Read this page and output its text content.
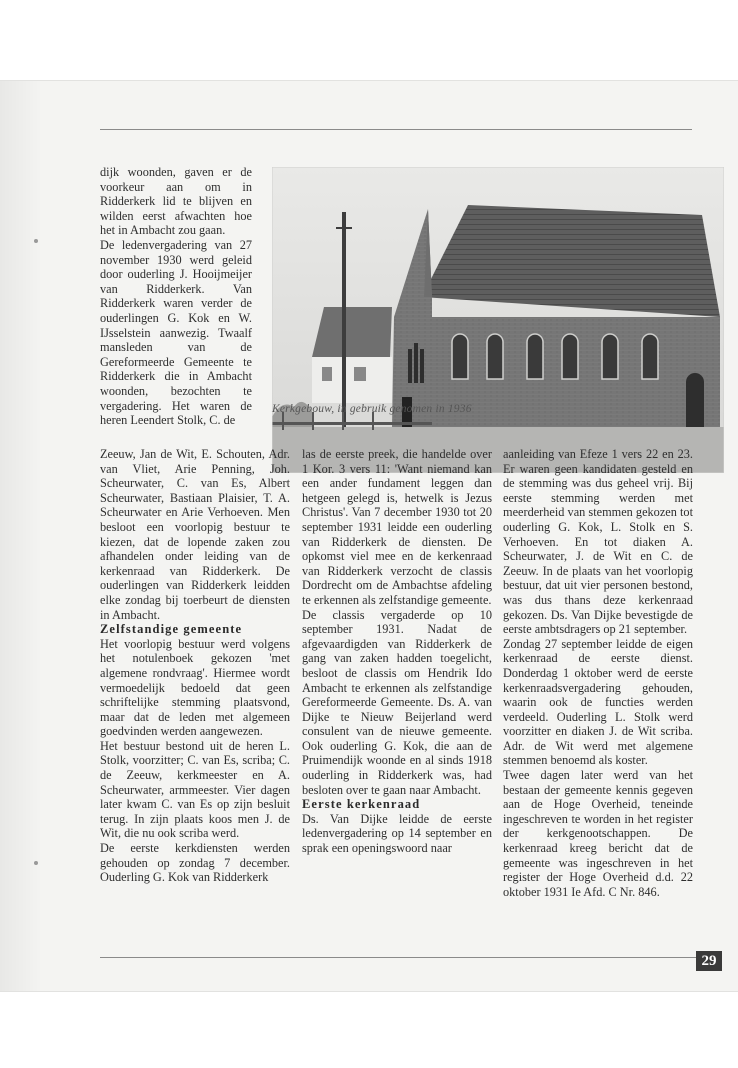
dijk woonden, gaven er de voorkeur aan om in Ridderkerk lid te blijven en wilden eerst afwachten hoe het in Ambacht zou gaan.

De ledenvergadering van 27 november 1930 werd geleid door ouderling J. Hooijmeijer van Ridderkerk. Van Ridderkerk waren verder de ouderlingen G. Kok en W. IJsselstein aanwezig. Twaalf mansleden van de Gereformeerde Gemeente te Ridderkerk die in Ambacht woonden, bezochten te vergadering. Het waren de heren Leendert Stolk, C. de

Kerkgebouw, in gebruik genomen in 1936

Zeeuw, Jan de Wit, E. Schouten, Adr. van Vliet, Arie Penning, Joh. Scheurwater, C. van Es, Albert Scheurwater, Bastiaan Plaisier, T. A. Scheurwater en Arie Verhoeven. Men besloot een voorlopig bestuur te kiezen, dat de lopende zaken zou afhandelen onder leiding van de kerkenraad van Ridderkerk. De ouderlingen van Ridderkerk leidden elke zondag bij toerbeurt de diensten in Ambacht.

Zelfstandige gemeente

Het voorlopig bestuur werd volgens het notulenboek gekozen 'met algemene rondvraag'. Hiermee wordt vermoedelijk bedoeld dat geen schriftelijke stemming plaatsvond, maar dat de leden met algemeen goedvinden werden aangewezen.

Het bestuur bestond uit de heren L. Stolk, voorzitter; C. van Es, scriba; C. de Zeeuw, kerkmeester en A. Scheurwater, armmeester. Vier dagen later kwam C. van Es op zijn besluit terug. In zijn plaats koos men J. de Wit, die nu ook scriba werd.

De eerste kerkdiensten werden gehouden op zondag 7 december. Ouderling G. Kok van Ridderkerk

las de eerste preek, die handelde over 1 Kor. 3 vers 11: 'Want niemand kan een ander fundament leggen dan hetgeen gelegd is, hetwelk is Jezus Christus'. Van 7 december 1930 tot 20 september 1931 leidde een ouderling van Ridderkerk de diensten. De opkomst viel mee en de kerkenraad van Ridderkerk verzocht de classis Dordrecht om de Ambachtse afdeling te erkennen als zelfstandige gemeente.

De classis vergaderde op 10 september 1931. Nadat de afgevaardigden van Ridderkerk de gang van zaken hadden toegelicht, besloot de classis om Hendrik Ido Ambacht te erkennen als zelfstandige Gereformeerde Gemeente. Ds. A. van Dijke te Nieuw Beijerland werd consulent van de nieuwe gemeente. Ook ouderling G. Kok, die aan de Pruimendijk woonde en al sinds 1918 ouderling in Ridderkerk was, had besloten over te gaan naar Ambacht.

Eerste kerkenraad

Ds. Van Dijke leidde de eerste ledenvergadering op 14 september en sprak een openingswoord naar

aanleiding van Efeze 1 vers 22 en 23. Er waren geen kandidaten gesteld en de stemming was dus geheel vrij. Bij eerste stemming werden met meerderheid van stemmen gekozen tot ouderling G. Kok, L. Stolk en S. Verhoeven. En tot diaken A. Scheurwater, J. de Wit en C. de Zeeuw. In de plaats van het voorlopig bestuur, dat uit vier personen bestond, was dus thans deze kerkenraad gekozen. Ds. Van Dijke bevestigde de eerste ambtsdragers op 21 september.

Zondag 27 september leidde de eigen kerkenraad de eerste dienst. Donderdag 1 oktober werd de eerste kerkenraadsvergadering gehouden, waarin ook de functies werden verdeeld. Ouderling L. Stolk werd voorzitter en diaken J. de Wit scriba. Adr. de Wit werd met algemene stemmen benoemd als koster.

Twee dagen later werd van het bestaan der gemeente kennis gegeven aan de Hoge Overheid, teneinde ingeschreven te worden in het register der kerkgenootschappen. De kerkenraad kreeg bericht dat de gemeente was ingeschreven in het register der Hoge Overheid d.d. 22 oktober 1931 Ie Afd. C Nr. 846.

29
